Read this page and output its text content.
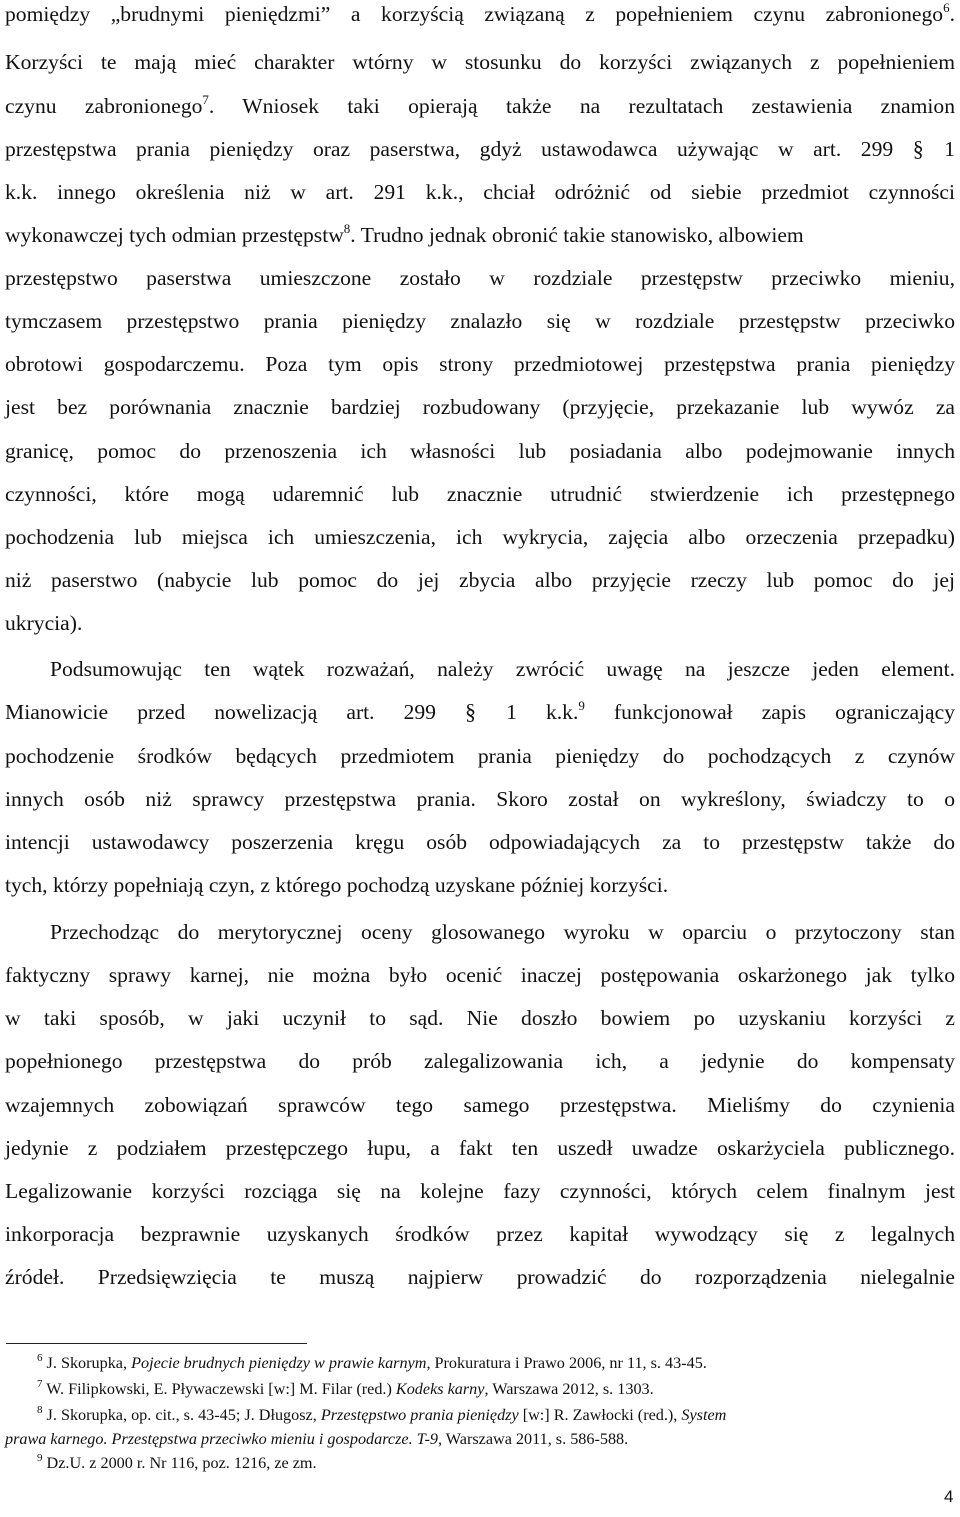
pomiędzy „brudnymi pieniędzmi” a korzyścią związaną z popełnieniem czynu zabronionego$^6$.
Korzyści te mają mieć charakter wtórny w stosunku do korzyści związanych z popełnieniem
czynu zabronionego$^7$. Wniosek taki opierają także na rezultatach zestawienia znamion
przestępstwa prania pieniędzy oraz paserstwa, gdyż ustawodawca używając w art. 299 § 1
k.k. innego określenia niż w art. 291 k.k., chciał odróżnić od siebie przedmiot czynności
wykonawczej tych odmian przestępstw$^8$. Trudno jednak obronić takie stanowisko, albowiem
przestępstwo paserstwa umieszczone zostało w rozdziale przestępstw przeciwko mieniu,
tymczasem przestępstwo prania pieniędzy znalazło się w rozdziale przestępstw przeciwko
obrotowi gospodarczemu. Poza tym opis strony przedmiotowej przestępstwa prania pieniędzy
jest bez porównania znacznie bardziej rozbudowany (przyjęcie, przekazanie lub wywóz za
granicę, pomoc do przenoszenia ich własności lub posiadania albo podejmowanie innych
czynności, które mogą udaremnić lub znacznie utrudnić stwierdzenie ich przestępnego
pochodzenia lub miejsca ich umieszczenia, ich wykrycia, zajęcia albo orzeczenia przepadku)
niż paserstwo (nabycie lub pomoc do jej zbycia albo przyjęcie rzeczy lub pomoc do jej
ukrycia).
Podsumowując ten wątek rozważań, należy zwrócić uwagę na jeszcze jeden element.
Mianowicie przed nowelizacją art. 299 § 1 k.k.$^9$ funkcjonował zapis ograniczający
pochodzenie środków będących przedmiotem prania pieniędzy do pochodzących z czynów
innych osób niż sprawcy przestępstwa prania. Skoro został on wykreślony, świadczy to o
intencji ustawodawcy poszerzenia kręgu osób odpowiadających za to przestępstw także do
tych, którzy popełniają czyn, z którego pochodzą uzyskane później korzyści.
Przechodząc do merytorycznej oceny glosowanego wyroku w oparciu o przytoczony stan
faktyczny sprawy karnej, nie można było ocenić inaczej postępowania oskarżonego jak tylko
w taki sposób, w jaki uczynił to sąd. Nie doszło bowiem po uzyskaniu korzyści z
popełnionego przestępstwa do prób zalegalizowania ich, a jedynie do kompensaty
wzajemnych zobowiązań sprawców tego samego przestępstwa. Mieliśmy do czynienia
jedynie z podziałem przestępczego łupu, a fakt ten uszedł uwadze oskarżyciela publicznego.
Legalizowanie korzyści rozciąga się na kolejne fazy czynności, których celem finalnym jest
inkorporacja bezprawnie uzyskanych środków przez kapitał wywodzący się z legalnych
źródeł. Przedsięwzięcia te muszą najpierw prowadzić do rozporządzenia nielegalnie
$^6$ J. Skorupka, Pojecie brudnych pieniędzy w prawie karnym, Prokuratura i Prawo 2006, nr 11, s. 43-45.
$^7$ W. Filipkowski, E. Pływaczewski [w:] M. Filar (red.) Kodeks karny, Warszawa 2012, s. 1303.
$^8$ J. Skorupka, op. cit., s. 43-45; J. Długosz, Przestępstwo prania pieniędzy [w:] R. Zawłocki (red.), System
prawa karnego. Przestępstwa przeciwko mieniu i gospodarcze. T-9, Warszawa 2011, s. 586-588.
$^9$ Dz.U. z 2000 r. Nr 116, poz. 1216, ze zm.
4
